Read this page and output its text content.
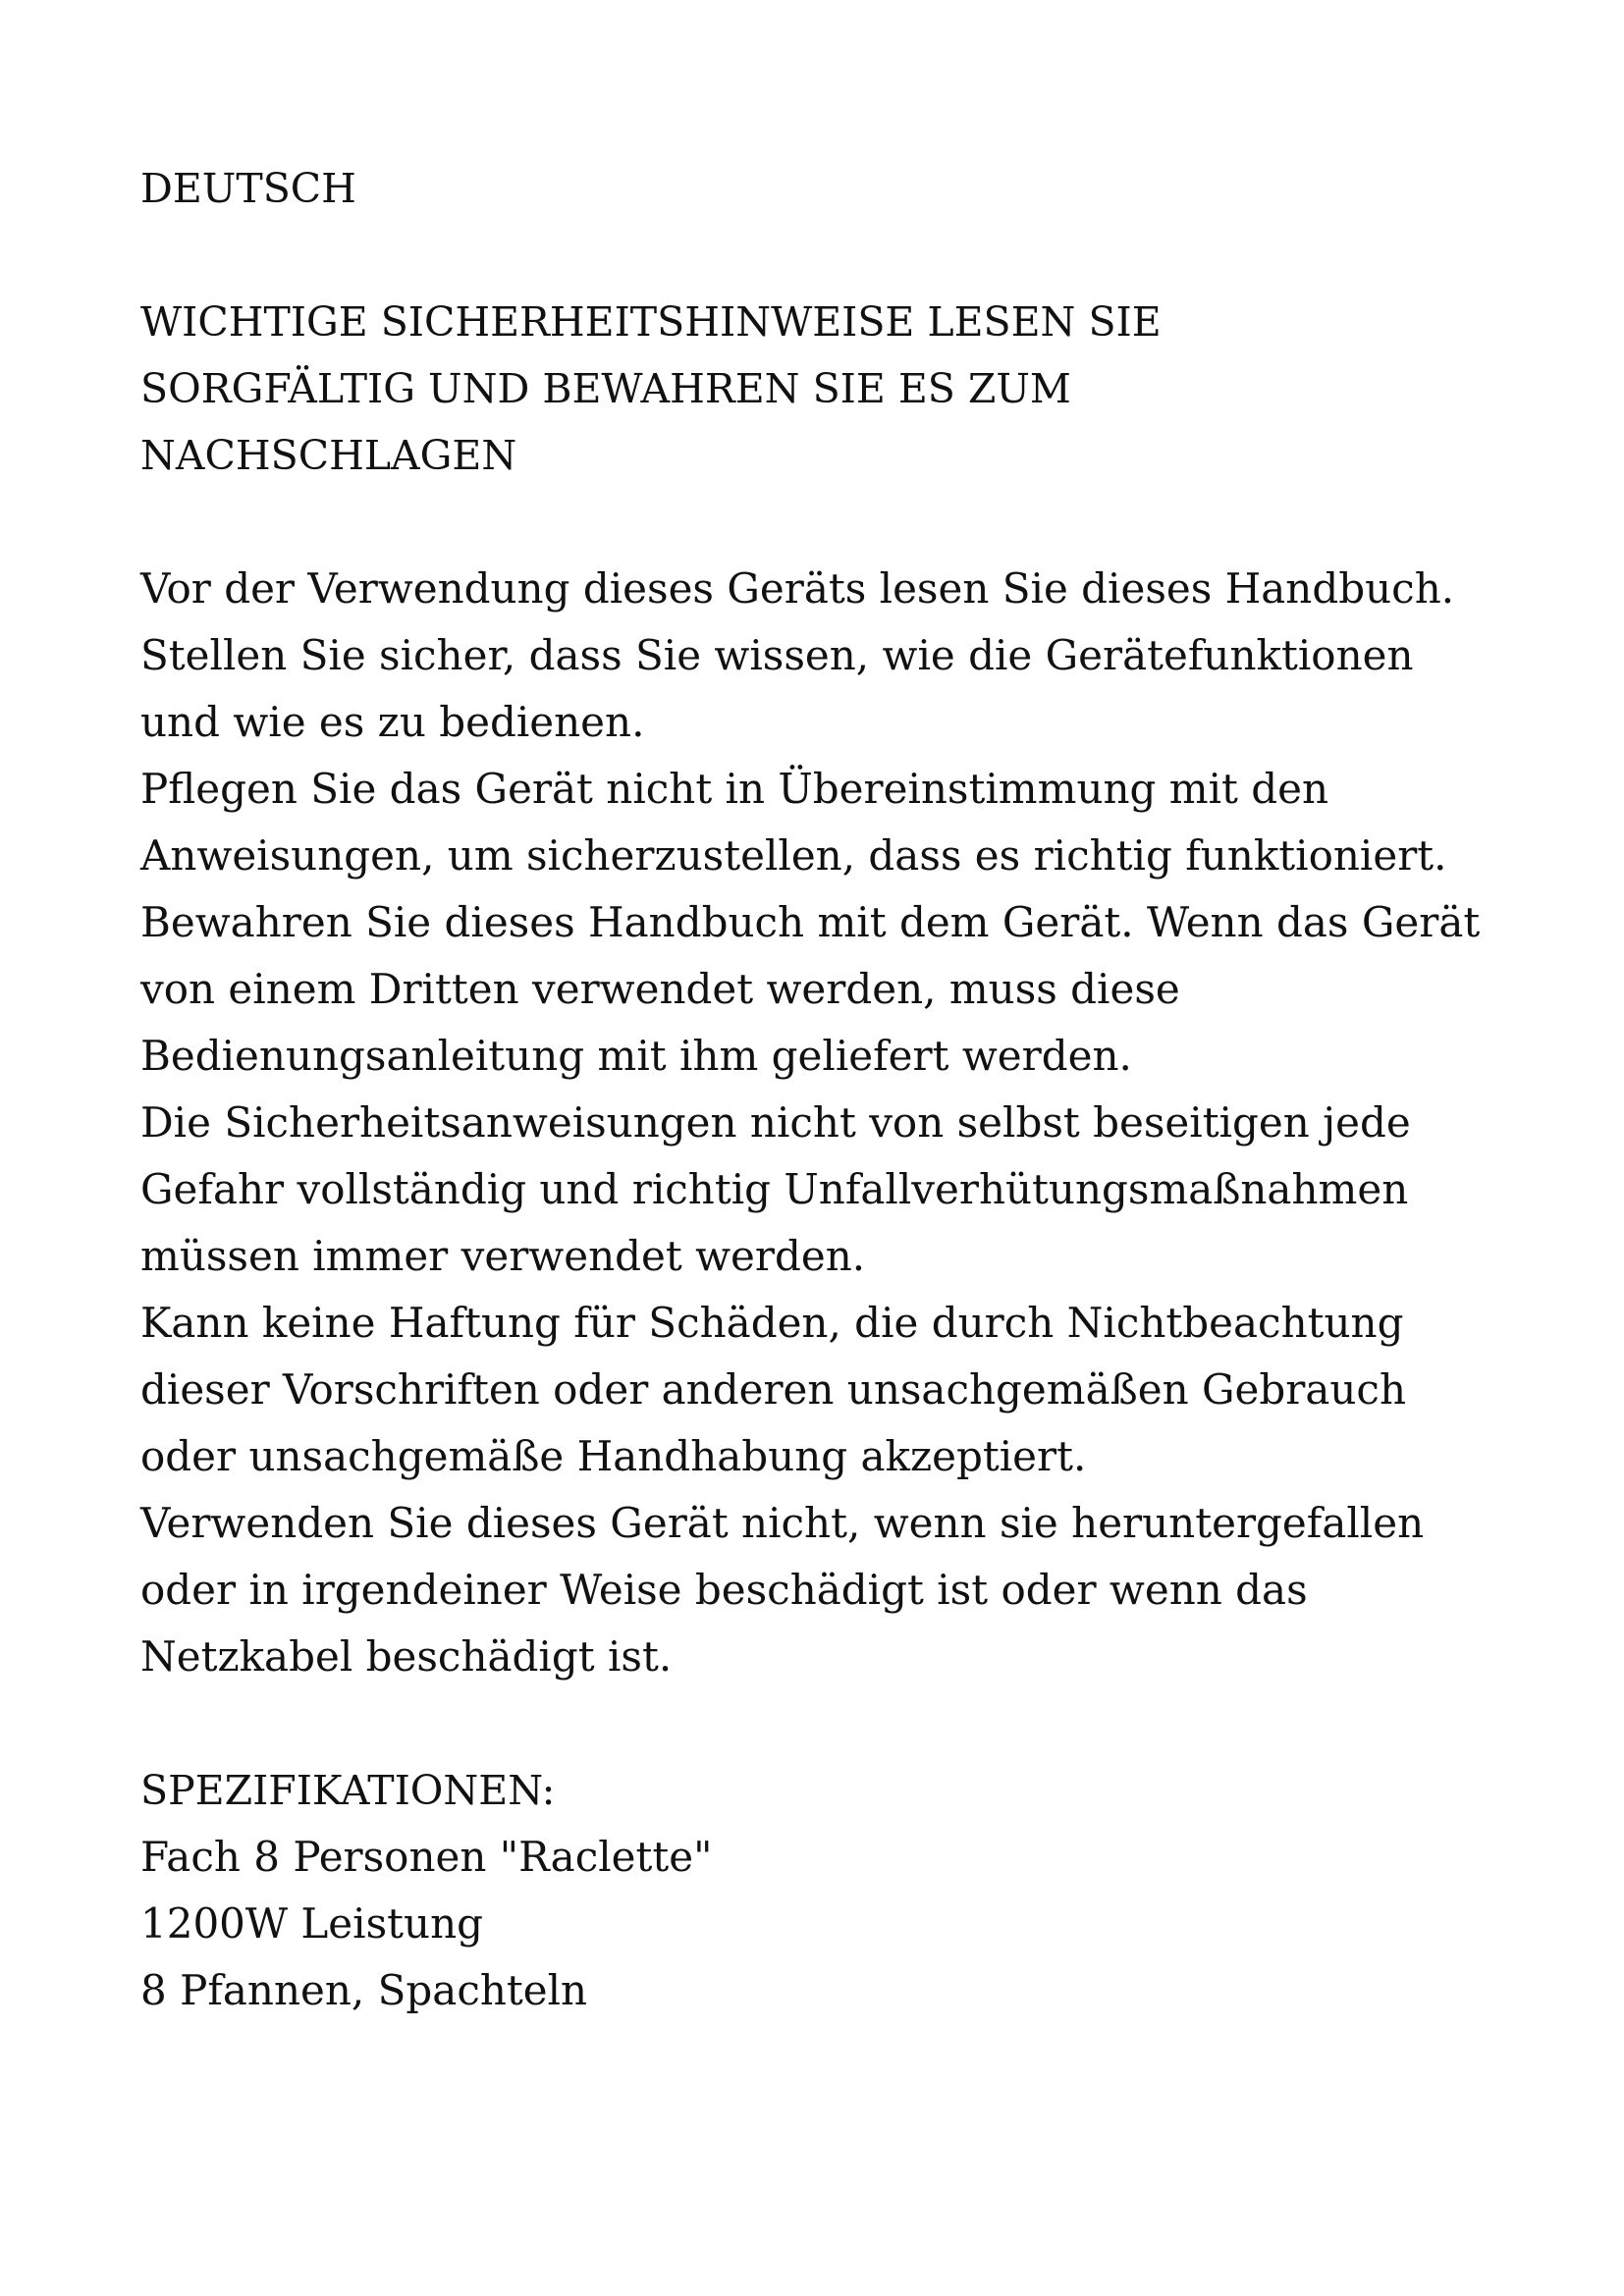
DEUTSCH
WICHTIGE SICHERHEITSHINWEISE LESEN SIE
SORGFÄLTIG UND BEWAHREN SIE ES ZUM
NACHSCHLAGEN
Vor der Verwendung dieses Geräts lesen Sie dieses Handbuch.
Stellen Sie sicher, dass Sie wissen, wie die Gerätefunktionen
und wie es zu bedienen.
Pflegen Sie das Gerät nicht in Übereinstimmung mit den
Anweisungen, um sicherzustellen, dass es richtig funktioniert.
Bewahren Sie dieses Handbuch mit dem Gerät. Wenn das Gerät
von einem Dritten verwendet werden, muss diese
Bedienungsanleitung mit ihm geliefert werden.
Die Sicherheitsanweisungen nicht von selbst beseitigen jede
Gefahr vollständig und richtig Unfallverhütungsmaßnahmen
müssen immer verwendet werden.
Kann keine Haftung für Schäden, die durch Nichtbeachtung
dieser Vorschriften oder anderen unsachgemäßen Gebrauch
oder unsachgemäße Handhabung akzeptiert.
Verwenden Sie dieses Gerät nicht, wenn sie heruntergefallen
oder in irgendeiner Weise beschädigt ist oder wenn das
Netzkabel beschädigt ist.
SPEZIFIKATIONEN:
Fach 8 Personen "Raclette"
1200W Leistung
8 Pfannen, Spachteln
